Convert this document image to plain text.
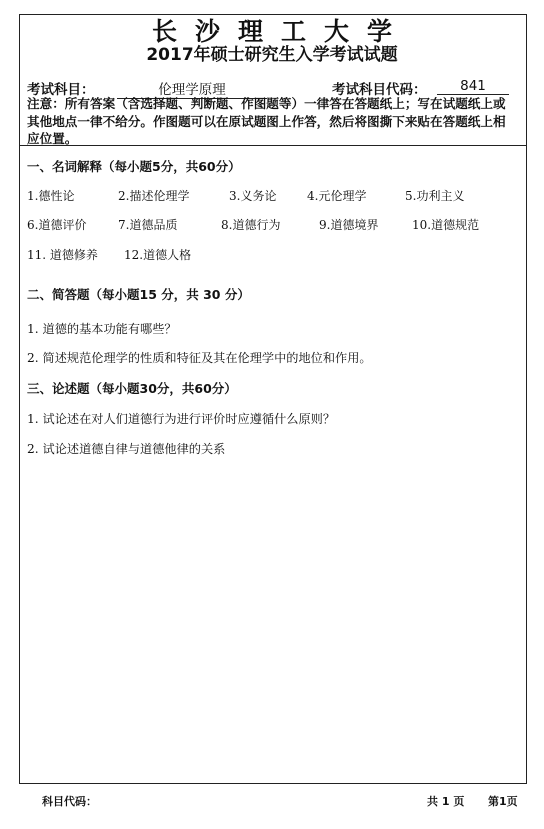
长沙理工大学
2017年硕士研究生入学考试试题
考试科目：	伦理学原理	考试科目代码：	841
注意：所有答案（含选择题、判断题、作图题等）一律答在答题纸上；写在试题纸上或其他地点一律不给分。作图题可以在原试题图上作答，然后将图撕下来贴在答题纸上相应位置。
一、名词解释（每小题5分，共60分）
1.德性论	2.描述伦理学	3.义务论	4.元伦理学	5.功利主义
6.道德评价	7.道德品质	8.道德行为	9.道德境界	10.道德规范
11. 道德修养 12.道德人格
二、简答题（每小题15 分，共 30 分）
1. 道德的基本功能有哪些？
2. 简述规范伦理学的性质和特征及其在伦理学中的地位和作用。
三、论述题（每小题30分，共60分）
1. 试论述在对人们道德行为进行评价时应遵循什么原则？
2. 试论述道德自律与道德他律的关系
科目代码：	共 1 页 第1页
